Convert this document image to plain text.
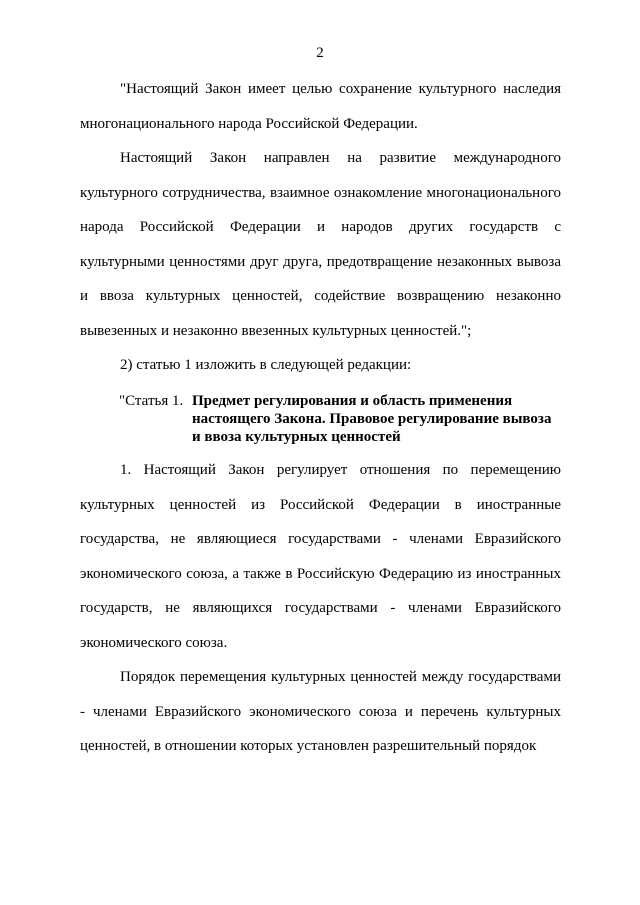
2

"Настоящий Закон имеет целью сохранение культурного наследия многонационального народа Российской Федерации.

Настоящий Закон направлен на развитие международного культурного сотрудничества, взаимное ознакомление многонационального народа Российской Федерации и народов других государств с культурными ценностями друг друга, предотвращение незаконных вывоза и ввоза культурных ценностей, содействие возвращению незаконно вывезенных и незаконно ввезенных культурных ценностей.";

2) статью 1 изложить в следующей редакции:

"Статья 1. Предмет регулирования и область применения настоящего Закона. Правовое регулирование вывоза и ввоза культурных ценностей

1. Настоящий Закон регулирует отношения по перемещению культурных ценностей из Российской Федерации в иностранные государства, не являющиеся государствами - членами Евразийского экономического союза, а также в Российскую Федерацию из иностранных государств, не являющихся государствами - членами Евразийского экономического союза.

Порядок перемещения культурных ценностей между государствами - членами Евразийского экономического союза и перечень культурных ценностей, в отношении которых установлен разрешительный порядок
